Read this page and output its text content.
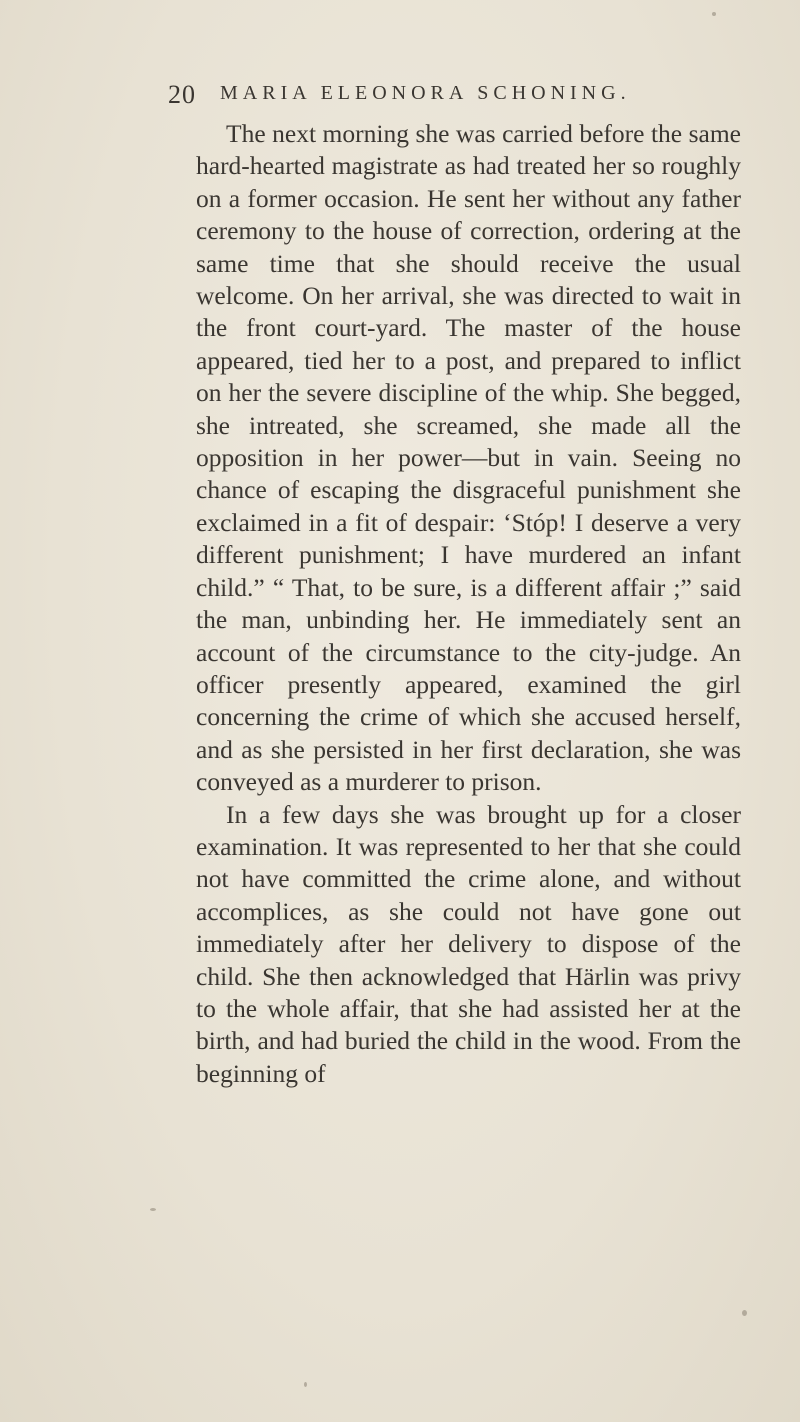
20 MARIA ELEONORA SCHONING.

The next morning she was carried before the same hard-hearted magistrate as had treated her so roughly on a former occasion. He sent her without any father ceremony to the house of correction, ordering at the same time that she should receive the usual welcome. On her arrival, she was directed to wait in the front court-yard. The master of the house appeared, tied her to a post, and prepared to inflict on her the severe discipline of the whip. She begged, she intreated, she screamed, she made all the opposition in her power—but in vain. Seeing no chance of escaping the disgraceful punishment she exclaimed in a fit of despair: ‘Stóp! I deserve a very different punishment; I have murdered an infant child.” “ That, to be sure, is a different affair ;” said the man, unbinding her. He immediately sent an account of the circumstance to the city-judge. An officer presently appeared, examined the girl concerning the crime of which she accused herself, and as she persisted in her first declaration, she was conveyed as a murderer to prison.

In a few days she was brought up for a closer examination. It was represented to her that she could not have committed the crime alone, and without accomplices, as she could not have gone out immediately after her delivery to dispose of the child. She then acknowledged that Härlin was privy to the whole affair, that she had assisted her at the birth, and had buried the child in the wood. From the beginning of
